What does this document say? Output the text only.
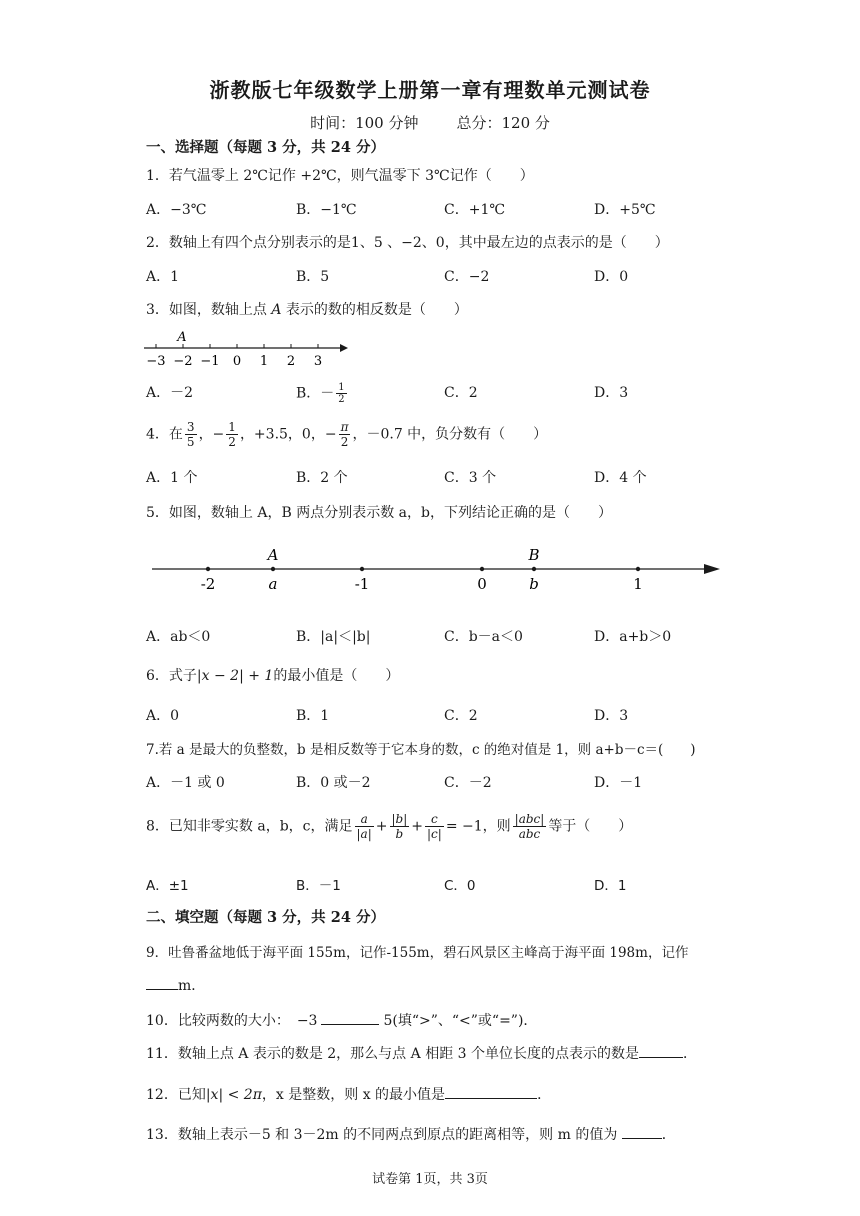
浙教版七年级数学上册第一章有理数单元测试卷
时间：100 分钟	总分：120 分
一、选择题（每题 3 分，共 24 分）
1．若气温零上 2℃记作 +2℃，则气温零下 3℃记作（　　）
A．−3℃	B．−1℃	C．+1℃	D．+5℃
2．数轴上有四个点分别表示的是1、5 、−2、0，其中最左边的点表示的是（　　）
A．1	B．5	C．−2	D．0
3．如图，数轴上点 A 表示的数的相反数是（　　）
−3 −2 −1 0 1 2 3
A
A．－2	B．－ $\frac{1}{2}$	C．2	D．3
4．在 $\frac{3}{5}$ ，− $\frac{1}{2}$ ，+3.5，0，− $\frac{\pi}{2}$ ，－0.7 中，负分数有（　　）
A．1 个	B．2 个	C．3 个	D．4 个
5．如图，数轴上 A，B 两点分别表示数 a，b，下列结论正确的是（　　）
-2	-1	0	1
A
a
B
b
A．ab＜0	B．|a|＜|b|	C．b－a＜0	D．a+b＞0
6．式子|x − 2| + 1的最小值是（　　）
A．0	B．1	C．2	D．3
7.若 a 是最大的负整数，b 是相反数等于它本身的数，c 的绝对值是 1，则 a+b－c＝(　　)
A．－1 或 0	B．0 或－2	C．－2	D．－1
8．已知非零实数 a，b，c，满足 $\frac{a}{|a|} + \frac{|b|}{b} + \frac{c}{|c|} = -1$，则 $\frac{\text{|abc|}}{\text{abc}}$ 等于（　　）
A．±1	B．－1	C．0	D．1
二、填空题（每题 3 分，共 24 分）
9．吐鲁番盆地低于海平面 155m，记作-155m，碧石风景区主峰高于海平面 198m，记作
m．
10．比较两数的大小：　−3	5(填“>”、“<”或“=”)．
11．数轴上点 A 表示的数是 2，那么与点 A 相距 3 个单位长度的点表示的数是	．
12．已知|x| < 2π，x 是整数，则 x 的最小值是	．
13．数轴上表示－5 和 3－2m 的不同两点到原点的距离相等，则 m 的值为	．
试卷第 1页，共 3页
